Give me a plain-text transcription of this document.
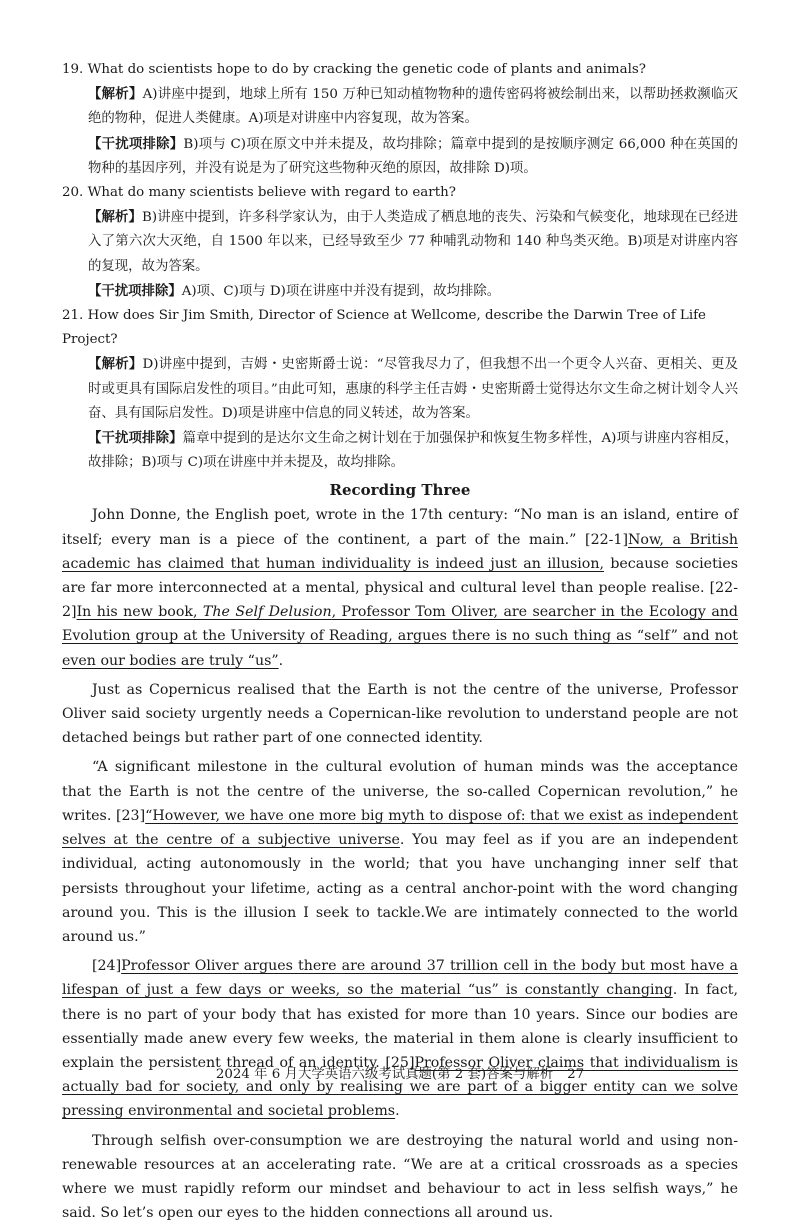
19. What do scientists hope to do by cracking the genetic code of plants and animals?

【解析】A)讲座中提到，地球上所有 150 万种已知动植物物种的遗传密码将被绘制出来，以帮助拯救濒临灭绝的物种，促进人类健康。A)项是对讲座中内容复现，故为答案。

【干扰项排除】B)项与 C)项在原文中并未提及，故均排除；篇章中提到的是按顺序测定 66,000 种在英国的物种的基因序列，并没有说是为了研究这些物种灭绝的原因，故排除 D)项。

20. What do many scientists believe with regard to earth?

【解析】B)讲座中提到，许多科学家认为，由于人类造成了栖息地的丧失、污染和气候变化，地球现在已经进入了第六次大灭绝，自 1500 年以来，已经导致至少 77 种哺乳动物和 140 种鸟类灭绝。B)项是对讲座内容的复现，故为答案。

【干扰项排除】A)项、C)项与 D)项在讲座中并没有提到，故均排除。

21. How does Sir Jim Smith, Director of Science at Wellcome, describe the Darwin Tree of Life Project?

【解析】D)讲座中提到，吉姆・史密斯爵士说：“尽管我尽力了，但我想不出一个更令人兴奋、更相关、更及时或更具有国际启发性的项目。”由此可知，惠康的科学主任吉姆・史密斯爵士觉得达尔文生命之树计划令人兴奋、具有国际启发性。D)项是讲座中信息的同义转述，故为答案。

【干扰项排除】篇章中提到的是达尔文生命之树计划在于加强保护和恢复生物多样性，A)项与讲座内容相反，故排除；B)项与 C)项在讲座中并未提及，故均排除。

Recording Three

John Donne, the English poet, wrote in the 17th century: “No man is an island, entire of itself; every man is a piece of the continent, a part of the main.” [22-1]Now, a British academic has claimed that human individuality is indeed just an illusion, because societies are far more interconnected at a mental, physical and cultural level than people realise. [22-2]In his new book, The Self Delusion, Professor Tom Oliver, are searcher in the Ecology and Evolution group at the University of Reading, argues there is no such thing as “self” and not even our bodies are truly “us”.

Just as Copernicus realised that the Earth is not the centre of the universe, Professor Oliver said society urgently needs a Copernican-like revolution to understand people are not detached beings but rather part of one connected identity.

“A significant milestone in the cultural evolution of human minds was the acceptance that the Earth is not the centre of the universe, the so-called Copernican revolution,” he writes. [23]“However, we have one more big myth to dispose of: that we exist as independent selves at the centre of a subjective universe. You may feel as if you are an independent individual, acting autonomously in the world; that you have unchanging inner self that persists throughout your lifetime, acting as a central anchor-point with the word changing around you. This is the illusion I seek to tackle.We are intimately connected to the world around us.”

[24]Professor Oliver argues there are around 37 trillion cell in the body but most have a lifespan of just a few days or weeks, so the material “us” is constantly changing. In fact, there is no part of your body that has existed for more than 10 years. Since our bodies are essentially made anew every few weeks, the material in them alone is clearly insufficient to explain the persistent thread of an identity. [25]Professor Oliver claims that individualism is actually bad for society, and only by realising we are part of a bigger entity can we solve pressing environmental and societal problems.

Through selfish over-consumption we are destroying the natural world and using non-renewable resources at an accelerating rate. “We are at a critical crossroads as a species where we must rapidly reform our mindset and behaviour to act in less selfish ways,” he said. So let’s open our eyes to the hidden connections all around us.

2024 年 6 月大学英语六级考试真题(第 2 套)答案与解析 27
